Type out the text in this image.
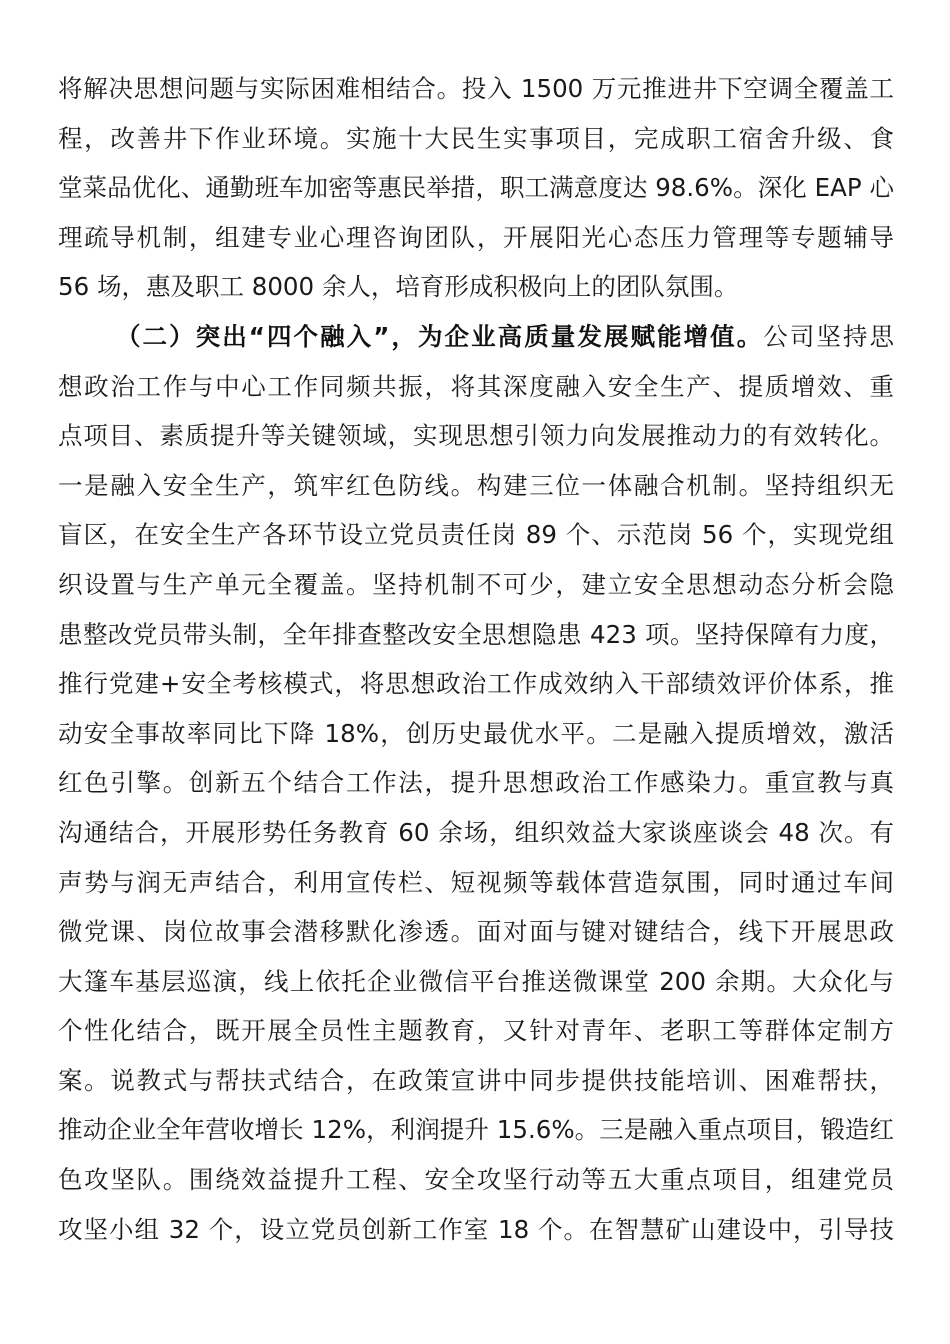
将解决思想问题与实际困难相结合。投入 1500 万元推进井下空调全覆盖工
程，改善井下作业环境。实施十大民生实事项目，完成职工宿舍升级、食
堂菜品优化、通勤班车加密等惠民举措，职工满意度达 98.6%。深化 EAP 心
理疏导机制，组建专业心理咨询团队，开展阳光心态压力管理等专题辅导
56 场，惠及职工 8000 余人，培育形成积极向上的团队氛围。
（二）突出“四个融入”，为企业高质量发展赋能增值。公司坚持思
想政治工作与中心工作同频共振，将其深度融入安全生产、提质增效、重
点项目、素质提升等关键领域，实现思想引领力向发展推动力的有效转化。
一是融入安全生产，筑牢红色防线。构建三位一体融合机制。坚持组织无
盲区，在安全生产各环节设立党员责任岗 89 个、示范岗 56 个，实现党组
织设置与生产单元全覆盖。坚持机制不可少，建立安全思想动态分析会隐
患整改党员带头制，全年排查整改安全思想隐患 423 项。坚持保障有力度，
推行党建+安全考核模式，将思想政治工作成效纳入干部绩效评价体系，推
动安全事故率同比下降 18%，创历史最优水平。二是融入提质增效，激活
红色引擎。创新五个结合工作法，提升思想政治工作感染力。重宣教与真
沟通结合，开展形势任务教育 60 余场，组织效益大家谈座谈会 48 次。有
声势与润无声结合，利用宣传栏、短视频等载体营造氛围，同时通过车间
微党课、岗位故事会潜移默化渗透。面对面与键对键结合，线下开展思政
大篷车基层巡演，线上依托企业微信平台推送微课堂 200 余期。大众化与
个性化结合，既开展全员性主题教育，又针对青年、老职工等群体定制方
案。说教式与帮扶式结合，在政策宣讲中同步提供技能培训、困难帮扶，
推动企业全年营收增长 12%，利润提升 15.6%。三是融入重点项目，锻造红
色攻坚队。围绕效益提升工程、安全攻坚行动等五大重点项目，组建党员
攻坚小组 32 个，设立党员创新工作室 18 个。在智慧矿山建设中，引导技
